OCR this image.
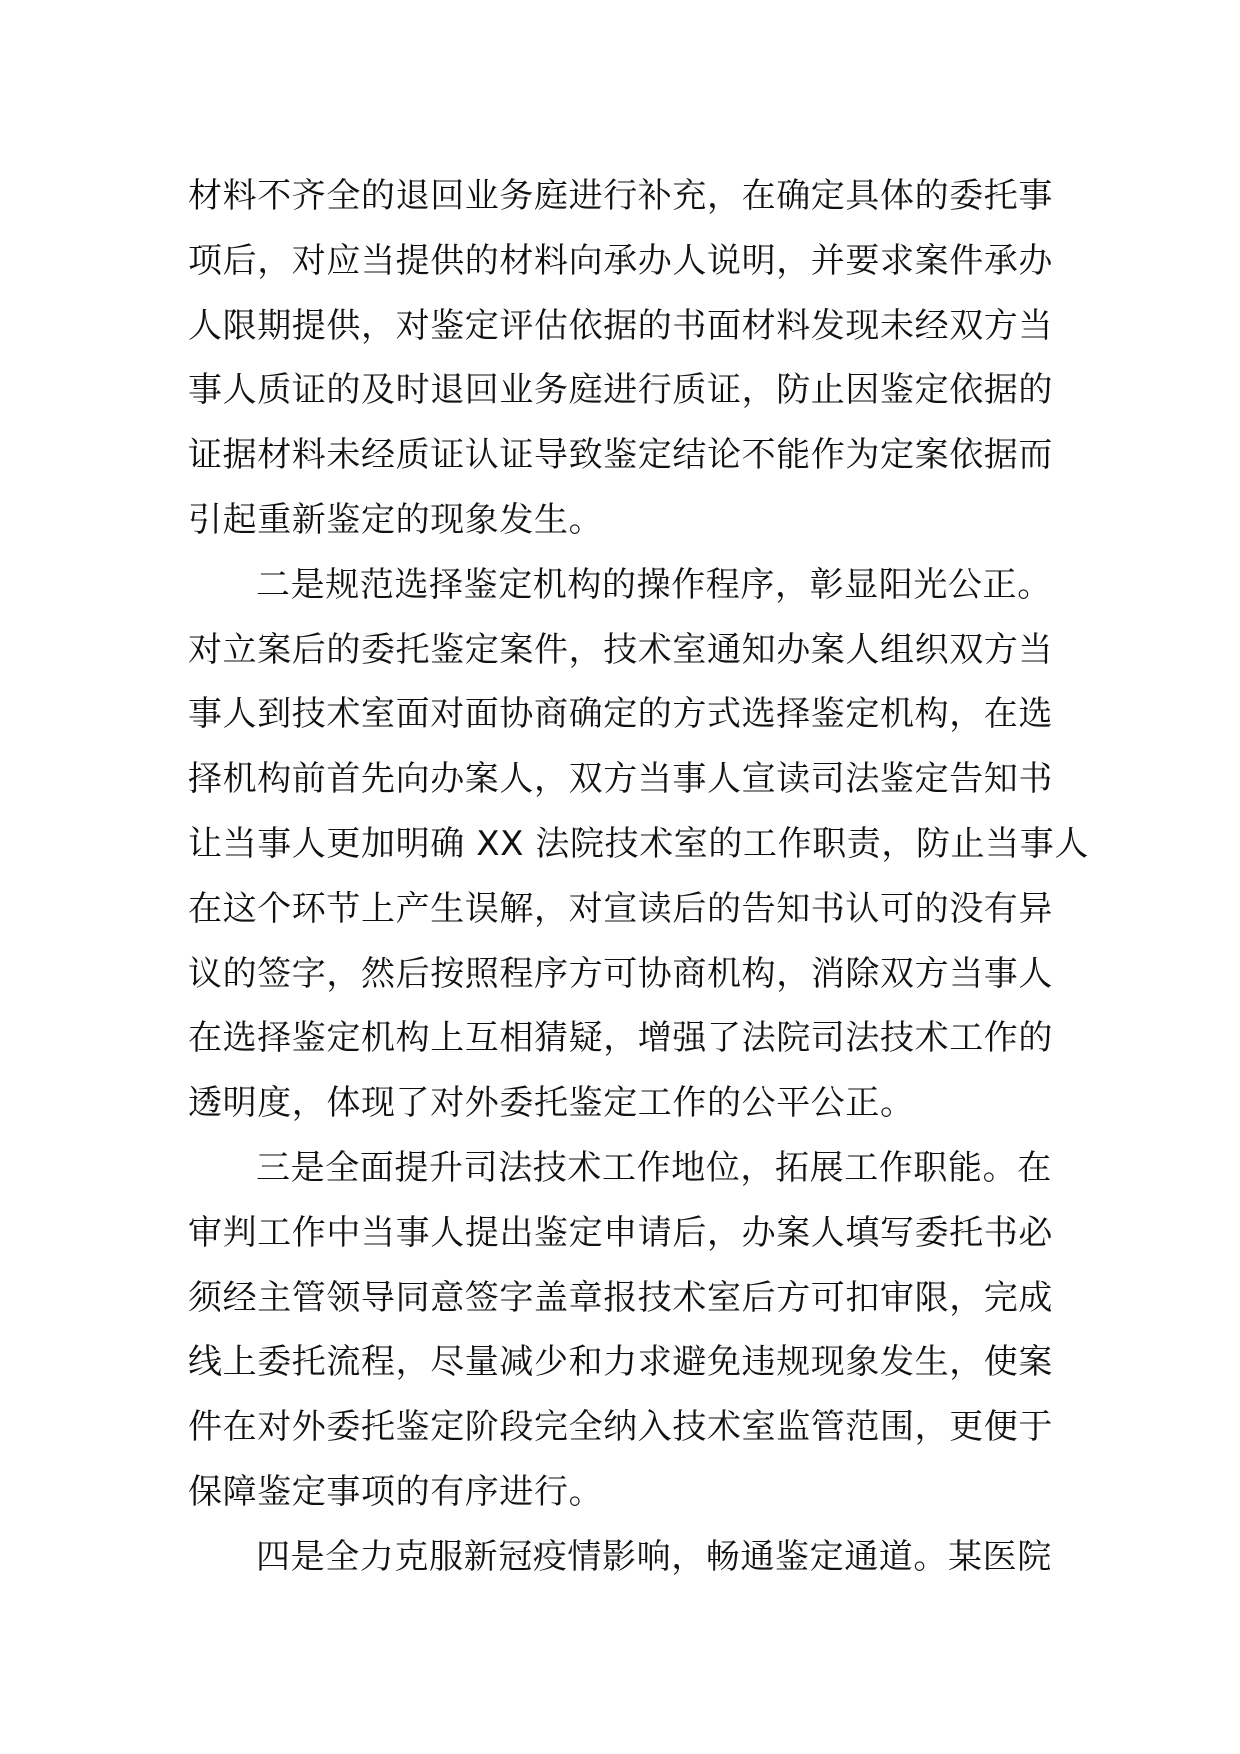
材料不齐全的退回业务庭进行补充，在确定具体的委托事
项后，对应当提供的材料向承办人说明，并要求案件承办
人限期提供，对鉴定评估依据的书面材料发现未经双方当
事人质证的及时退回业务庭进行质证，防止因鉴定依据的
证据材料未经质证认证导致鉴定结论不能作为定案依据而
引起重新鉴定的现象发生。
二是规范选择鉴定机构的操作程序，彰显阳光公正。
对立案后的委托鉴定案件，技术室通知办案人组织双方当
事人到技术室面对面协商确定的方式选择鉴定机构，在选
择机构前首先向办案人，双方当事人宣读司法鉴定告知书
让当事人更加明确 XX 法院技术室的工作职责，防止当事人
在这个环节上产生误解，对宣读后的告知书认可的没有异
议的签字，然后按照程序方可协商机构，消除双方当事人
在选择鉴定机构上互相猜疑，增强了法院司法技术工作的
透明度，体现了对外委托鉴定工作的公平公正。
三是全面提升司法技术工作地位，拓展工作职能。在
审判工作中当事人提出鉴定申请后，办案人填写委托书必
须经主管领导同意签字盖章报技术室后方可扣审限，完成
线上委托流程，尽量减少和力求避免违规现象发生，使案
件在对外委托鉴定阶段完全纳入技术室监管范围，更便于
保障鉴定事项的有序进行。
四是全力克服新冠疫情影响，畅通鉴定通道。某医院
